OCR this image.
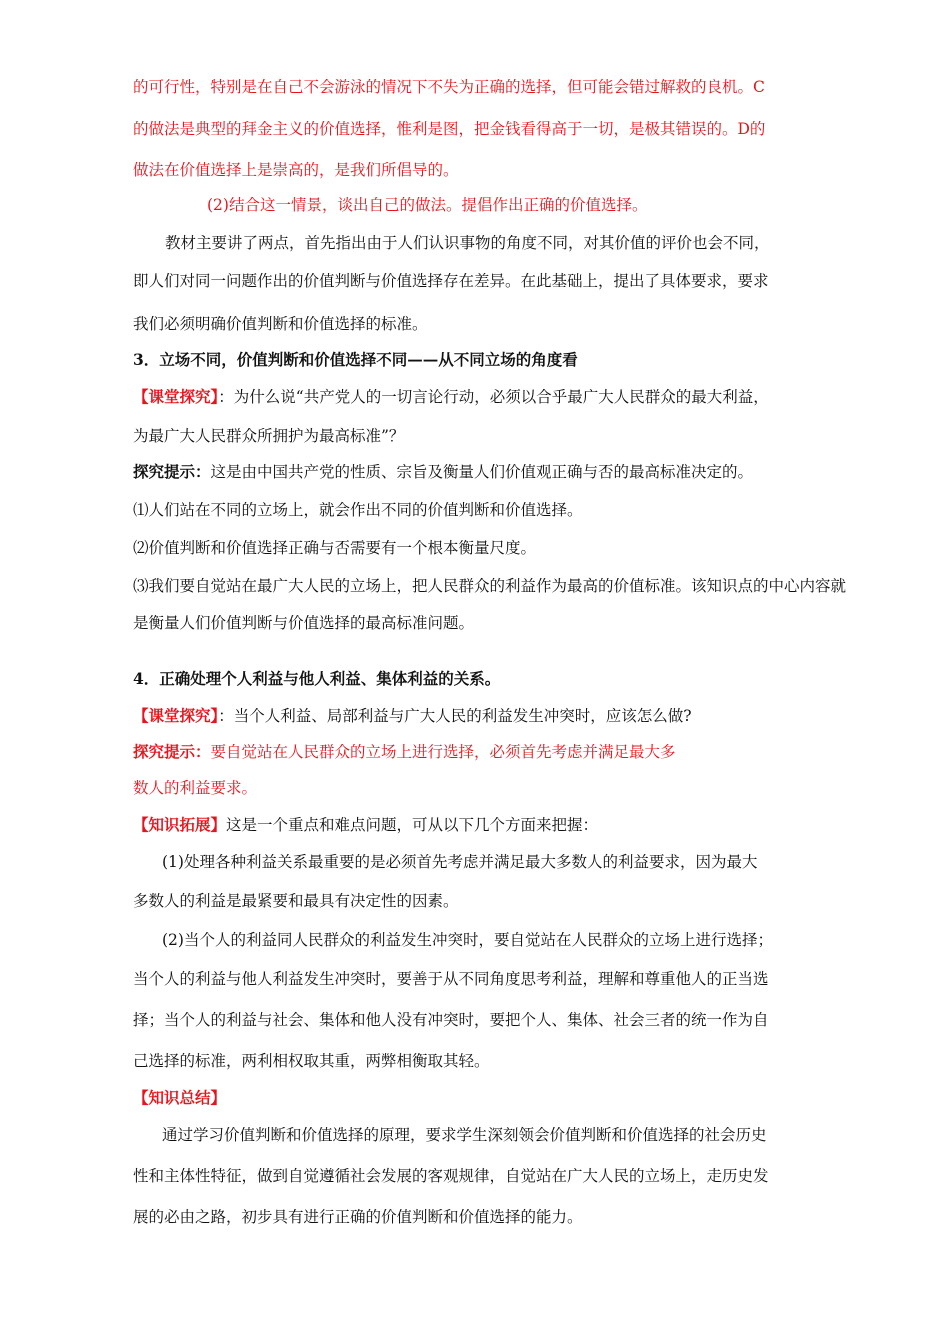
的可行性，特别是在自己不会游泳的情况下不失为正确的选择，但可能会错过解救的良机。C
的做法是典型的拜金主义的价值选择，惟利是图，把金钱看得高于一切，是极其错误的。D的
做法在价值选择上是崇高的，是我们所倡导的。
(2)结合这一情景，谈出自己的做法。提倡作出正确的价值选择。
教材主要讲了两点，首先指出由于人们认识事物的角度不同，对其价值的评价也会不同，
即人们对同一问题作出的价值判断与价值选择存在差异。在此基础上，提出了具体要求，要求
我们必须明确价值判断和价值选择的标准。
3．立场不同，价值判断和价值选择不同——从不同立场的角度看
【课堂探究】：为什么说“共产党人的一切言论行动，必须以合乎最广大人民群众的最大利益，
为最广大人民群众所拥护为最高标准”？
探究提示：这是由中国共产党的性质、宗旨及衡量人们价值观正确与否的最高标准决定的。
⑴人们站在不同的立场上，就会作出不同的价值判断和价值选择。
⑵价值判断和价值选择正确与否需要有一个根本衡量尺度。
⑶我们要自觉站在最广大人民的立场上，把人民群众的利益作为最高的价值标准。该知识点的中心内容就
是衡量人们价值判断与价值选择的最高标准问题。
4．正确处理个人利益与他人利益、集体利益的关系。
【课堂探究】：当个人利益、局部利益与广大人民的利益发生冲突时，应该怎么做?
探究提示：要自觉站在人民群众的立场上进行选择，必须首先考虑并满足最大多
数人的利益要求。
【知识拓展】这是一个重点和难点问题，可从以下几个方面来把握：
(1)处理各种利益关系最重要的是必须首先考虑并满足最大多数人的利益要求，因为最大
多数人的利益是最紧要和最具有决定性的因素。
(2)当个人的利益同人民群众的利益发生冲突时，要自觉站在人民群众的立场上进行选择；
当个人的利益与他人利益发生冲突时，要善于从不同角度思考利益，理解和尊重他人的正当选
择；当个人的利益与社会、集体和他人没有冲突时，要把个人、集体、社会三者的统一作为自
己选择的标准，两利相权取其重，两弊相衡取其轻。
【知识总结】
通过学习价值判断和价值选择的原理，要求学生深刻领会价值判断和价值选择的社会历史
性和主体性特征，做到自觉遵循社会发展的客观规律，自觉站在广大人民的立场上，走历史发
展的必由之路，初步具有进行正确的价值判断和价值选择的能力。
